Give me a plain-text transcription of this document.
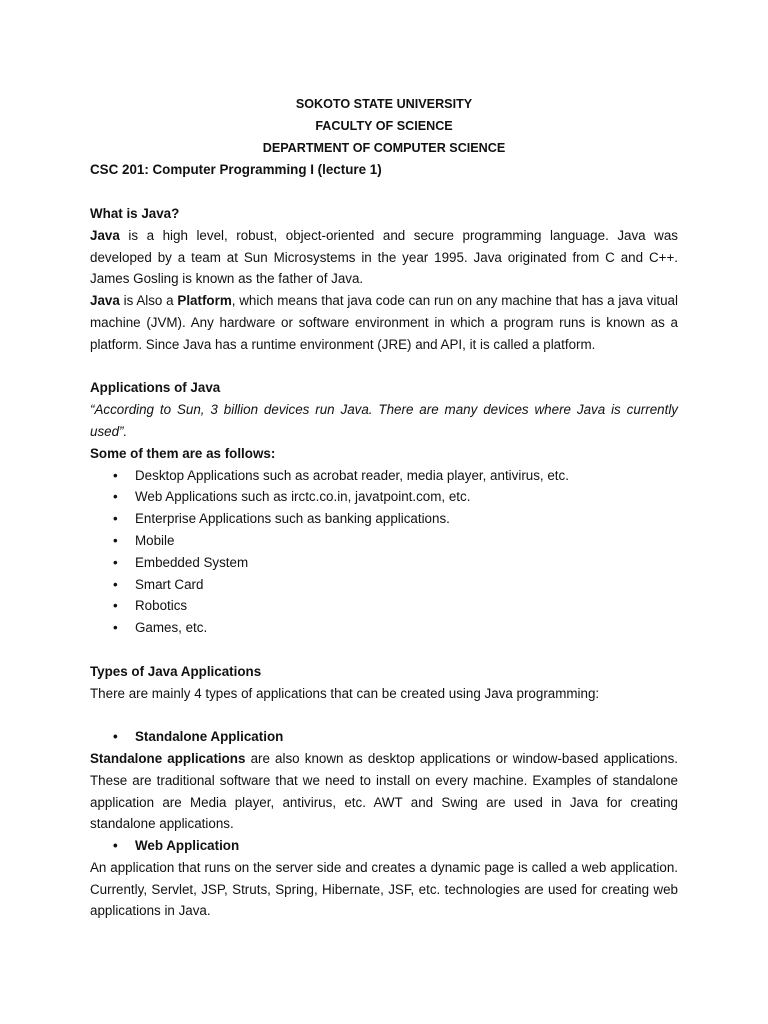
SOKOTO STATE UNIVERSITY
FACULTY OF SCIENCE
DEPARTMENT OF COMPUTER SCIENCE
CSC 201: Computer Programming I (lecture 1)
What is Java?

Java is a high level, robust, object-oriented and secure programming language. Java was developed by a team at Sun Microsystems in the year 1995. Java originated from C and C++. James Gosling is known as the father of Java.

Java is Also a Platform, which means that java code can run on any machine that has a java vitual machine (JVM). Any hardware or software environment in which a program runs is known as a platform. Since Java has a runtime environment (JRE) and API, it is called a platform.

Applications of Java

“According to Sun, 3 billion devices run Java. There are many devices where Java is currently used”.

Some of them are as follows:
• Desktop Applications such as acrobat reader, media player, antivirus, etc.
• Web Applications such as irctc.co.in, javatpoint.com, etc.
• Enterprise Applications such as banking applications.
• Mobile
• Embedded System
• Smart Card
• Robotics
• Games, etc.
Types of Java Applications

There are mainly 4 types of applications that can be created using Java programming:

• Standalone Application

Standalone applications are also known as desktop applications or window-based applications. These are traditional software that we need to install on every machine. Examples of standalone application are Media player, antivirus, etc. AWT and Swing are used in Java for creating standalone applications.

• Web Application

An application that runs on the server side and creates a dynamic page is called a web application. Currently, Servlet, JSP, Struts, Spring, Hibernate, JSF, etc. technologies are used for creating web applications in Java.
